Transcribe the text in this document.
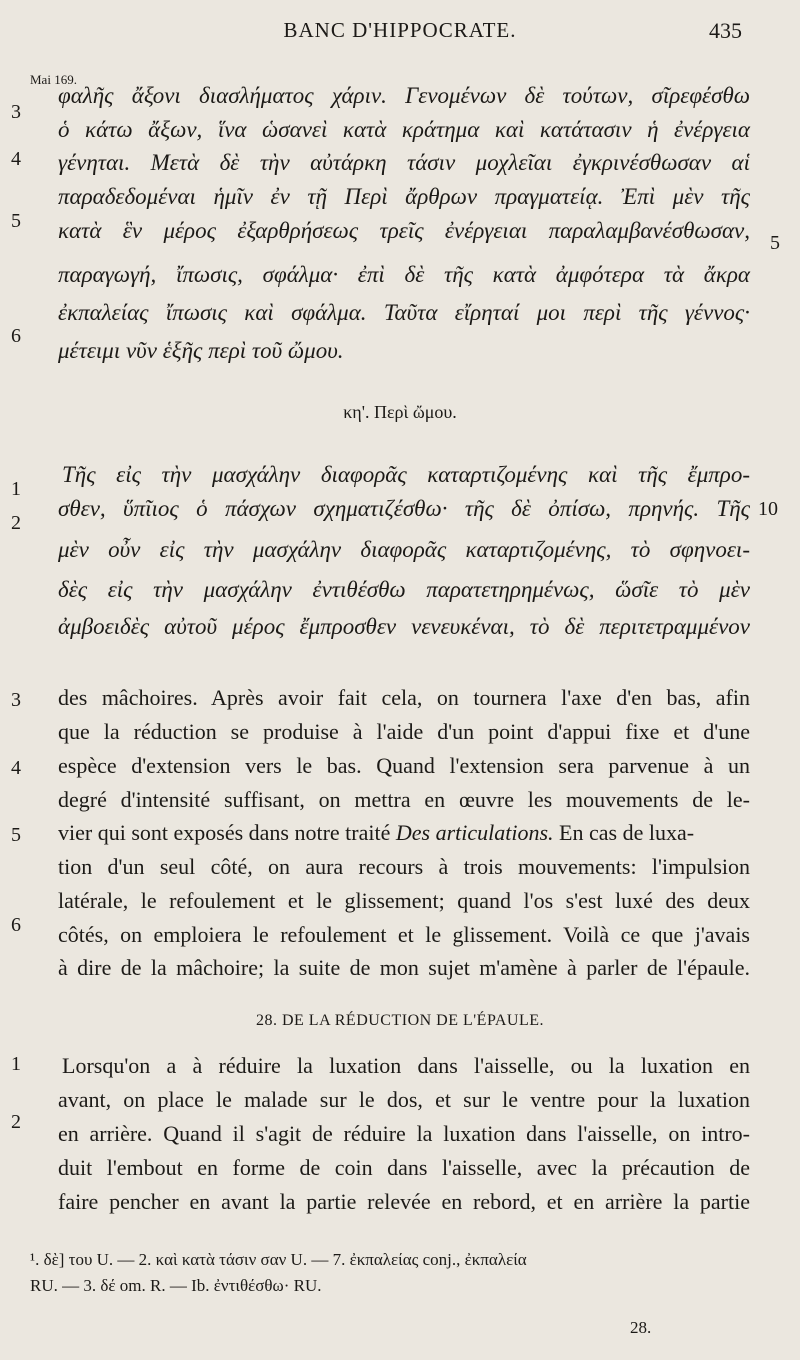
BANC D'HIPPOCRATE.	435
Mai 169.
φαλῆς ἄξονι διασλήματος χάριν. Γενομένων δὲ τούτων, σῖρεφέσθω
ὁ κάτω ἄξων, ἵνα ὡσανεὶ κατὰ κράτημα καὶ κατάτασιν ἡ ἐνέργεια
γένηται. Μετὰ δὲ τὴν αὐτάρκη τάσιν μοχλεῖαι ἐγκρινέσθωσαν αἱ
παραδεδομέναι ἡμῖν ἐν τῇ Περὶ ἄρθρων πραγματείᾳ. Ἐπὶ μὲν τῆς
κατὰ ἓν μέρος ἐξαρθρήσεως τρεῖς ἐνέργειαι παραλαμβανέσθωσαν,
παραγωγή, ἴπωσις, σφάλμα· ἐπὶ δὲ τῆς κατὰ ἀμφότερα τὰ ἄκρα
ἐκπαλείας ἴπωσις καὶ σφάλμα. Ταῦτα εἴρηταί μοι περὶ τῆς γέννος·
μέτειμι νῦν ἑξῆς περὶ τοῦ ὤμου.
3
4
5
6
5
κη'. Περὶ ὤμου.
Τῆς εἰς τὴν μασχάλην διαφορᾶς καταρτιζομένης καὶ τῆς ἔμπρο-
σθεν, ὕπῖιος ὁ πάσχων σχηματιζέσθω· τῆς δὲ ὀπίσω, πρηνής. Τῆς
μὲν οὖν εἰς τὴν μασχάλην διαφορᾶς καταρτιζομένης, τὸ σφηνοει-
δὲς εἰς τὴν μασχάλην ἐντιθέσθω παρατετηρημένως, ὥσῖε τὸ μὲν
ἀμβοειδὲς αὐτοῦ μέρος ἔμπροσθεν νενευκέναι, τὸ δὲ περιτετραμμένον
1
2
10
des mâchoires. Après avoir fait cela, on tournera l'axe d'en bas, afin
que la réduction se produise à l'aide d'un point d'appui fixe et d'une
espèce d'extension vers le bas. Quand l'extension sera parvenue à un
degré d'intensité suffisant, on mettra en œuvre les mouvements de le-
vier qui sont exposés dans notre traité Des articulations. En cas de luxa-
tion d'un seul côté, on aura recours à trois mouvements: l'impulsion
latérale, le refoulement et le glissement; quand l'os s'est luxé des deux
côtés, on emploiera le refoulement et le glissement. Voilà ce que j'avais
à dire de la mâchoire; la suite de mon sujet m'amène à parler de l'épaule.
3
4
5
6
28. DE LA RÉDUCTION DE L'ÉPAULE.
Lorsqu'on a à réduire la luxation dans l'aisselle, ou la luxation en
avant, on place le malade sur le dos, et sur le ventre pour la luxation
en arrière. Quand il s'agit de réduire la luxation dans l'aisselle, on intro-
duit l'embout en forme de coin dans l'aisselle, avec la précaution de
faire pencher en avant la partie relevée en rebord, et en arrière la partie
1
2
¹. δὲ] του U. — 2. καὶ κατὰ τάσιν σαν U. — 7. ἐκπαλείας conj., ἐκπαλεία
RU. — 3. δέ om. R. — Ib. ἐντιθέσθω· RU.
28.
